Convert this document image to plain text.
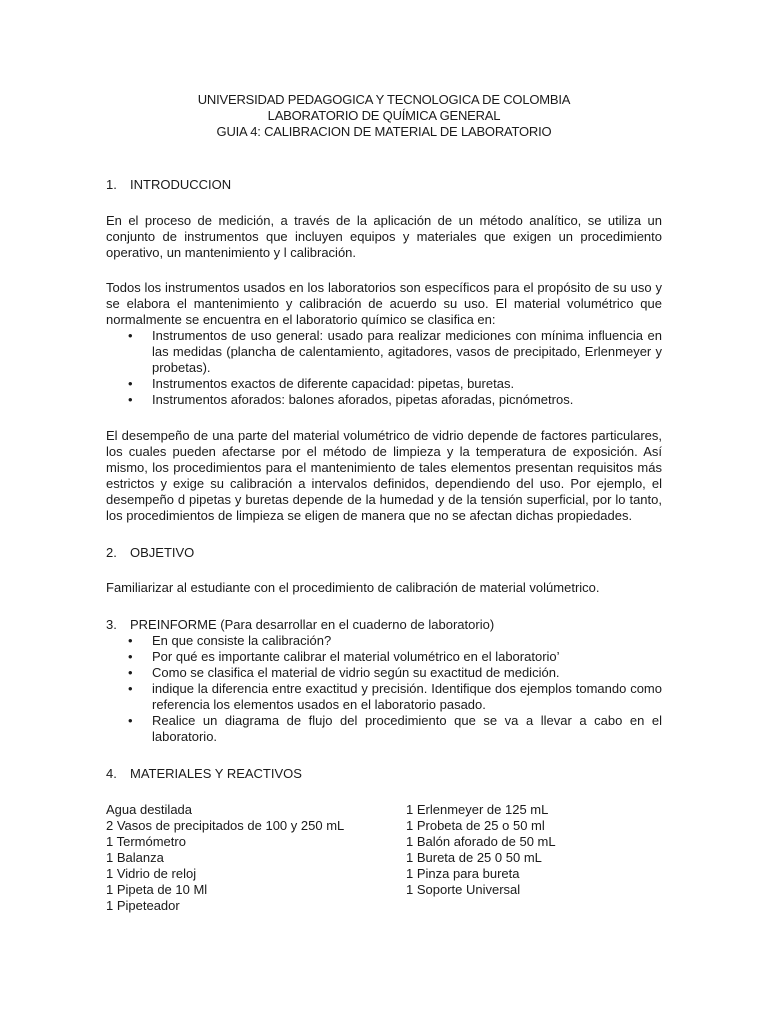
UNIVERSIDAD PEDAGOGICA Y TECNOLOGICA DE COLOMBIA
LABORATORIO DE QUÍMICA GENERAL
GUIA 4: CALIBRACION DE MATERIAL DE LABORATORIO
1. INTRODUCCION

En el proceso de medición, a través de la aplicación de un método analítico, se utiliza un conjunto de instrumentos que incluyen equipos y materiales que exigen un procedimiento operativo, un mantenimiento y l calibración.

Todos los instrumentos usados en los laboratorios son específicos para el propósito de su uso y se elabora el mantenimiento y calibración de acuerdo su uso. El material volumétrico que normalmente se encuentra en el laboratorio químico se clasifica en:

• Instrumentos de uso general: usado para realizar mediciones con mínima influencia en las medidas (plancha de calentamiento, agitadores, vasos de precipitado, Erlenmeyer y probetas).
• Instrumentos exactos de diferente capacidad: pipetas, buretas.
• Instrumentos aforados: balones aforados, pipetas aforadas, picnómetros.

El desempeño de una parte del material volumétrico de vidrio depende de factores particulares, los cuales pueden afectarse por el método de limpieza y la temperatura de exposición. Así mismo, los procedimientos para el mantenimiento de tales elementos presentan requisitos más estrictos y exige su calibración a intervalos definidos, dependiendo del uso. Por ejemplo, el desempeño d pipetas y buretas depende de la humedad y de la tensión superficial, por lo tanto, los procedimientos de limpieza se eligen de manera que no se afectan dichas propiedades.

2. OBJETIVO

Familiarizar al estudiante con el procedimiento de calibración de material volúmetrico.

3. PREINFORME (Para desarrollar en el cuaderno de laboratorio)
• En que consiste la calibración?
• Por qué es importante calibrar el material volumétrico en el laboratorio’
• Como se clasifica el material de vidrio según su exactitud de medición.
• indique la diferencia entre exactitud y precisión. Identifique dos ejemplos tomando como referencia los elementos usados en el laboratorio pasado.
• Realice un diagrama de flujo del procedimiento que se va a llevar a cabo en el laboratorio.
4. MATERIALES Y REACTIVOS
Agua destilada
2 Vasos de precipitados de 100 y 250 mL
1 Termómetro
1 Balanza
1 Vidrio de reloj
1 Pipeta de 10 Ml
1 Pipeteador
1 Erlenmeyer de 125 mL
1 Probeta de 25 o 50 ml
1 Balón aforado de 50 mL
1 Bureta de 25 0 50 mL
1 Pinza para bureta
1 Soporte Universal
